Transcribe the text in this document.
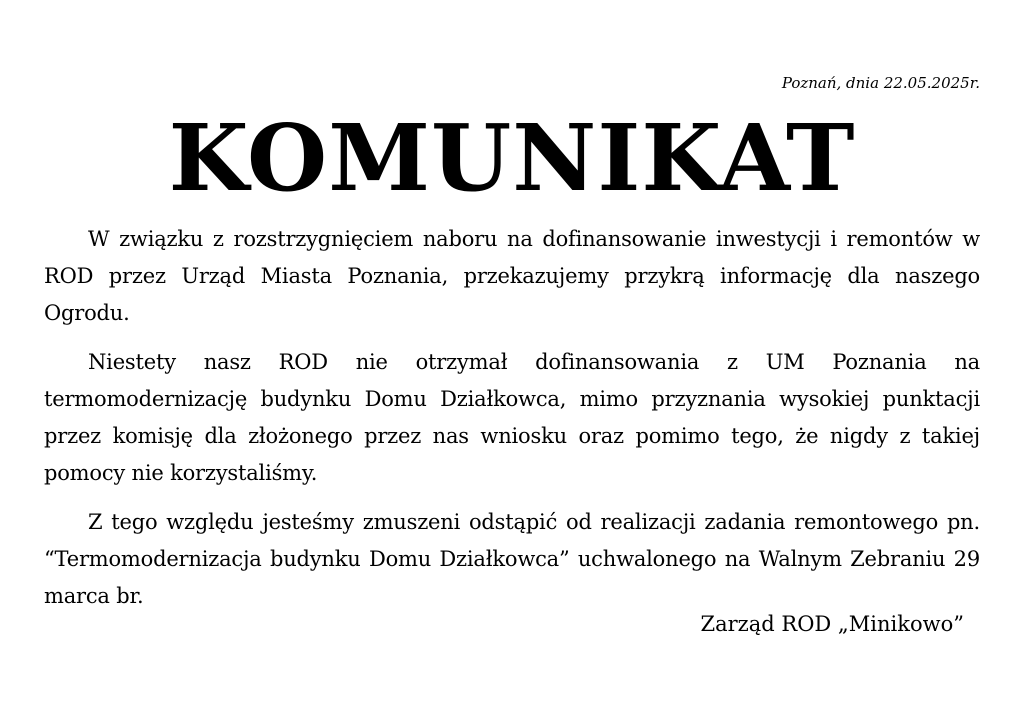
Poznań, dnia 22.05.2025r.
KOMUNIKAT

W związku z rozstrzygnięciem naboru na dofinansowanie inwestycji i remontów w ROD przez Urząd Miasta Poznania, przekazujemy przykrą informację dla naszego Ogrodu.

Niestety nasz ROD nie otrzymał dofinansowania z UM Poznania na termomodernizację budynku Domu Działkowca, mimo przyznania wysokiej punktacji przez komisję dla złożonego przez nas wniosku oraz pomimo tego, że nigdy z takiej pomocy nie korzystaliśmy.

Z tego względu jesteśmy zmuszeni odstąpić od realizacji zadania remontowego pn. “Termomodernizacja budynku Domu Działkowca” uchwalonego na Walnym Zebraniu 29 marca br.

Zarząd ROD „Minikowo”
